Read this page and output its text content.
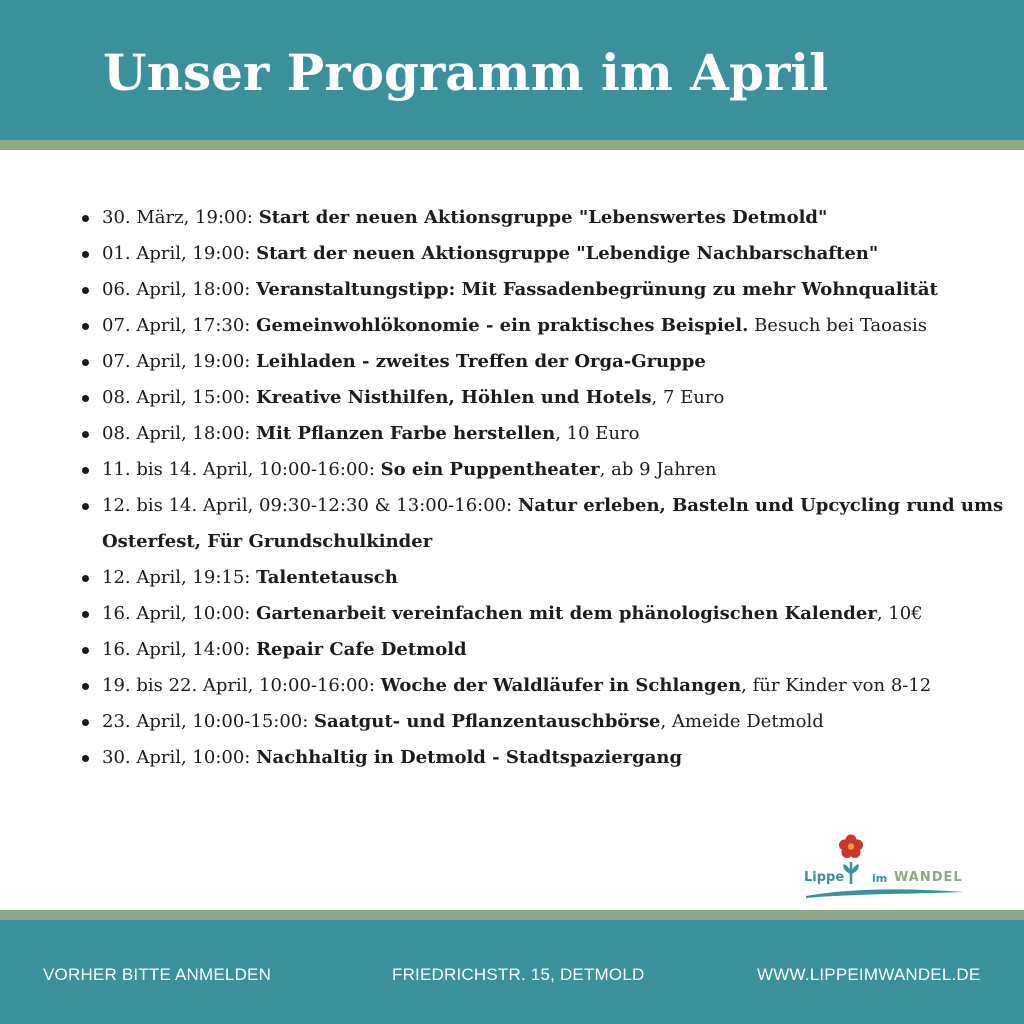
Unser Programm im April
30. März, 19:00: Start der neuen Aktionsgruppe "Lebenswertes Detmold"
01. April, 19:00: Start der neuen Aktionsgruppe "Lebendige Nachbarschaften"
06. April, 18:00: Veranstaltungstipp: Mit Fassadenbegrünung zu mehr Wohnqualität
07. April, 17:30: Gemeinwohlökonomie - ein praktisches Beispiel. Besuch bei Taoasis
07. April, 19:00: Leihladen - zweites Treffen der Orga-Gruppe
08. April, 15:00: Kreative Nisthilfen, Höhlen und Hotels, 7 Euro
08. April, 18:00: Mit Pflanzen Farbe herstellen, 10 Euro
11. bis 14. April, 10:00-16:00: So ein Puppentheater, ab 9 Jahren
12. bis 14. April, 09:30-12:30 & 13:00-16:00: Natur erleben, Basteln und Upcycling rund ums Osterfest, Für Grundschulkinder
12. April, 19:15: Talentetausch
16. April, 10:00: Gartenarbeit vereinfachen mit dem phänologischen Kalender, 10€
16. April, 14:00: Repair Cafe Detmold
19. bis 22. April, 10:00-16:00: Woche der Waldläufer in Schlangen, für Kinder von 8-12
23. April, 10:00-15:00: Saatgut- und Pflanzentauschbörse, Ameide Detmold
30. April, 10:00: Nachhaltig in Detmold - Stadtspaziergang
Lippe	im WANDEL
VORHER BITTE ANMELDEN	FRIEDRICHSTR. 15, DETMOLD	WWW.LIPPEIMWANDEL.DE
